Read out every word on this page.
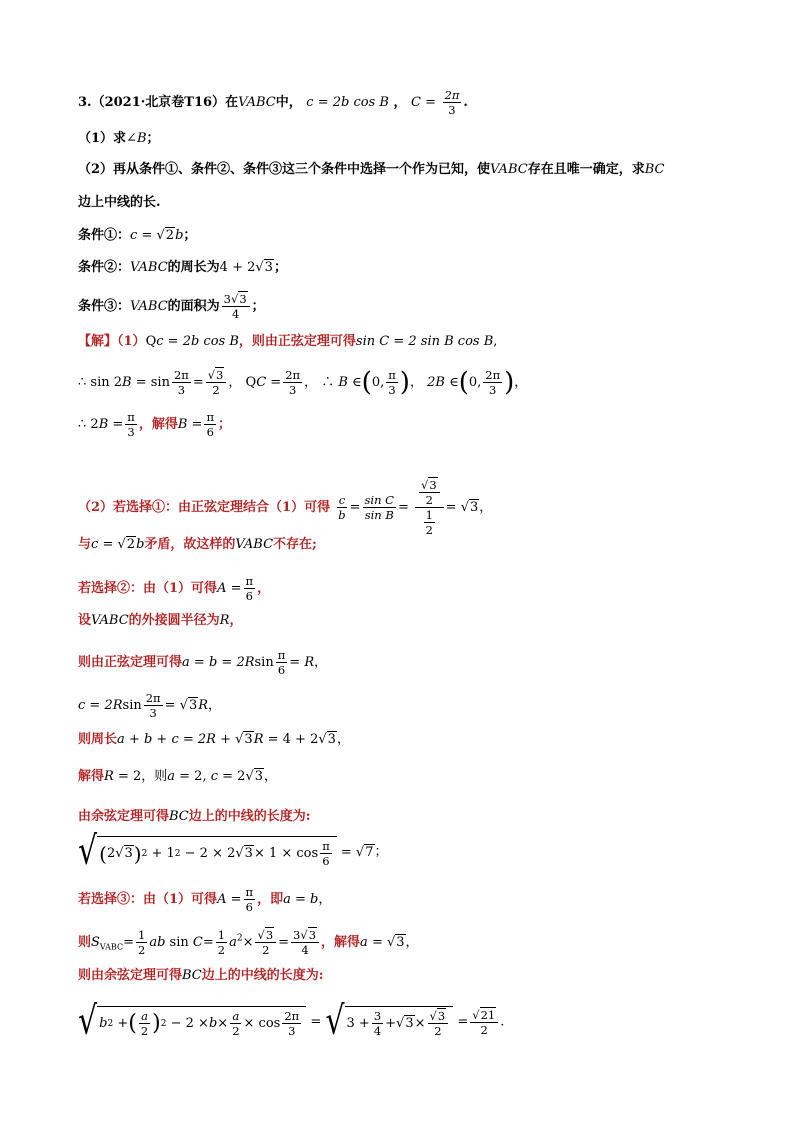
3.（2021·北京卷T16）在VABC中， c = 2b cos B ， $C = \frac{2\pi}{3}$ .
（1）求∠B；
（2）再从条件①、条件②、条件③这三个条件中选择一个作为已知，使VABC存在且唯一确定，求BC
边上中线的长.
条件①：c = √2b；
条件②：VABC的周长为4 + 2√3；
条件③：VABC的面积为 $\frac{3√3}{4}$ ；
【解】（1）Qc = 2b cos B，则由正弦定理可得sin C = 2 sin B cos B,
∴ $\sin 2B = \sin \frac{2\pi}{3} = \frac{√3}{2}$ ， QC = $\frac{2\pi}{3}$ ， ∴ B ∈(0, $\frac{\pi}{3}$ )， 2B ∈(0, $\frac{2\pi}{3}$ )，
∴ $2B = \frac{\pi}{3}$ ，解得$B = \frac{\pi}{6}$ ；
（2）若选择①：由正弦定理结合（1）可得 $\frac{c}{b} = \frac{\text{sin C}}{\text{sin B}} = \frac{\frac{√3}{2}}{\frac{1}{2}} = √3$，
与c = √2b矛盾，故这样的VABC不存在;
若选择②：由（1）可得$A = \frac{\pi}{6}$ ，
设VABC的外接圆半径为R，
则由正弦定理可得$a = b = 2Rsin \frac{\pi}{6} = R$，
$c = 2Rsin \frac{2\pi}{3} = √3R$，
则周长a + b + c = 2R + √3R = 4 + 2√3，
解得R = 2，则a = 2, c = 2√3，
由余弦定理可得BC边上的中线的长度为:
√ ( 2 √3 ) 2 + 1 2 − 2 × 2 $√3 \times 1 \times \cos \frac{\pi}{6} = √7$；
若选择③：由（1）可得$A = \frac{\pi}{6}$ ，即a = b，
则$S_{VABC}= \frac{1}{2}$ ab $\sin C= \frac{1}{2} a^2\times \frac{√3}{2} = \frac{3√3}{4}$ ，解得a = √3，
则由余弦定理可得BC边上的中线的长度为:
√ b 2
+ ( $\frac{a}{2}$ ) 2
− $2 \times b \times \frac{a}{2} \times \cos \frac{2\pi}{3}$ = √ $3 + \frac{3}{4} + √3 \times \frac{√3}{2} = \frac{√21}{2}$ .
